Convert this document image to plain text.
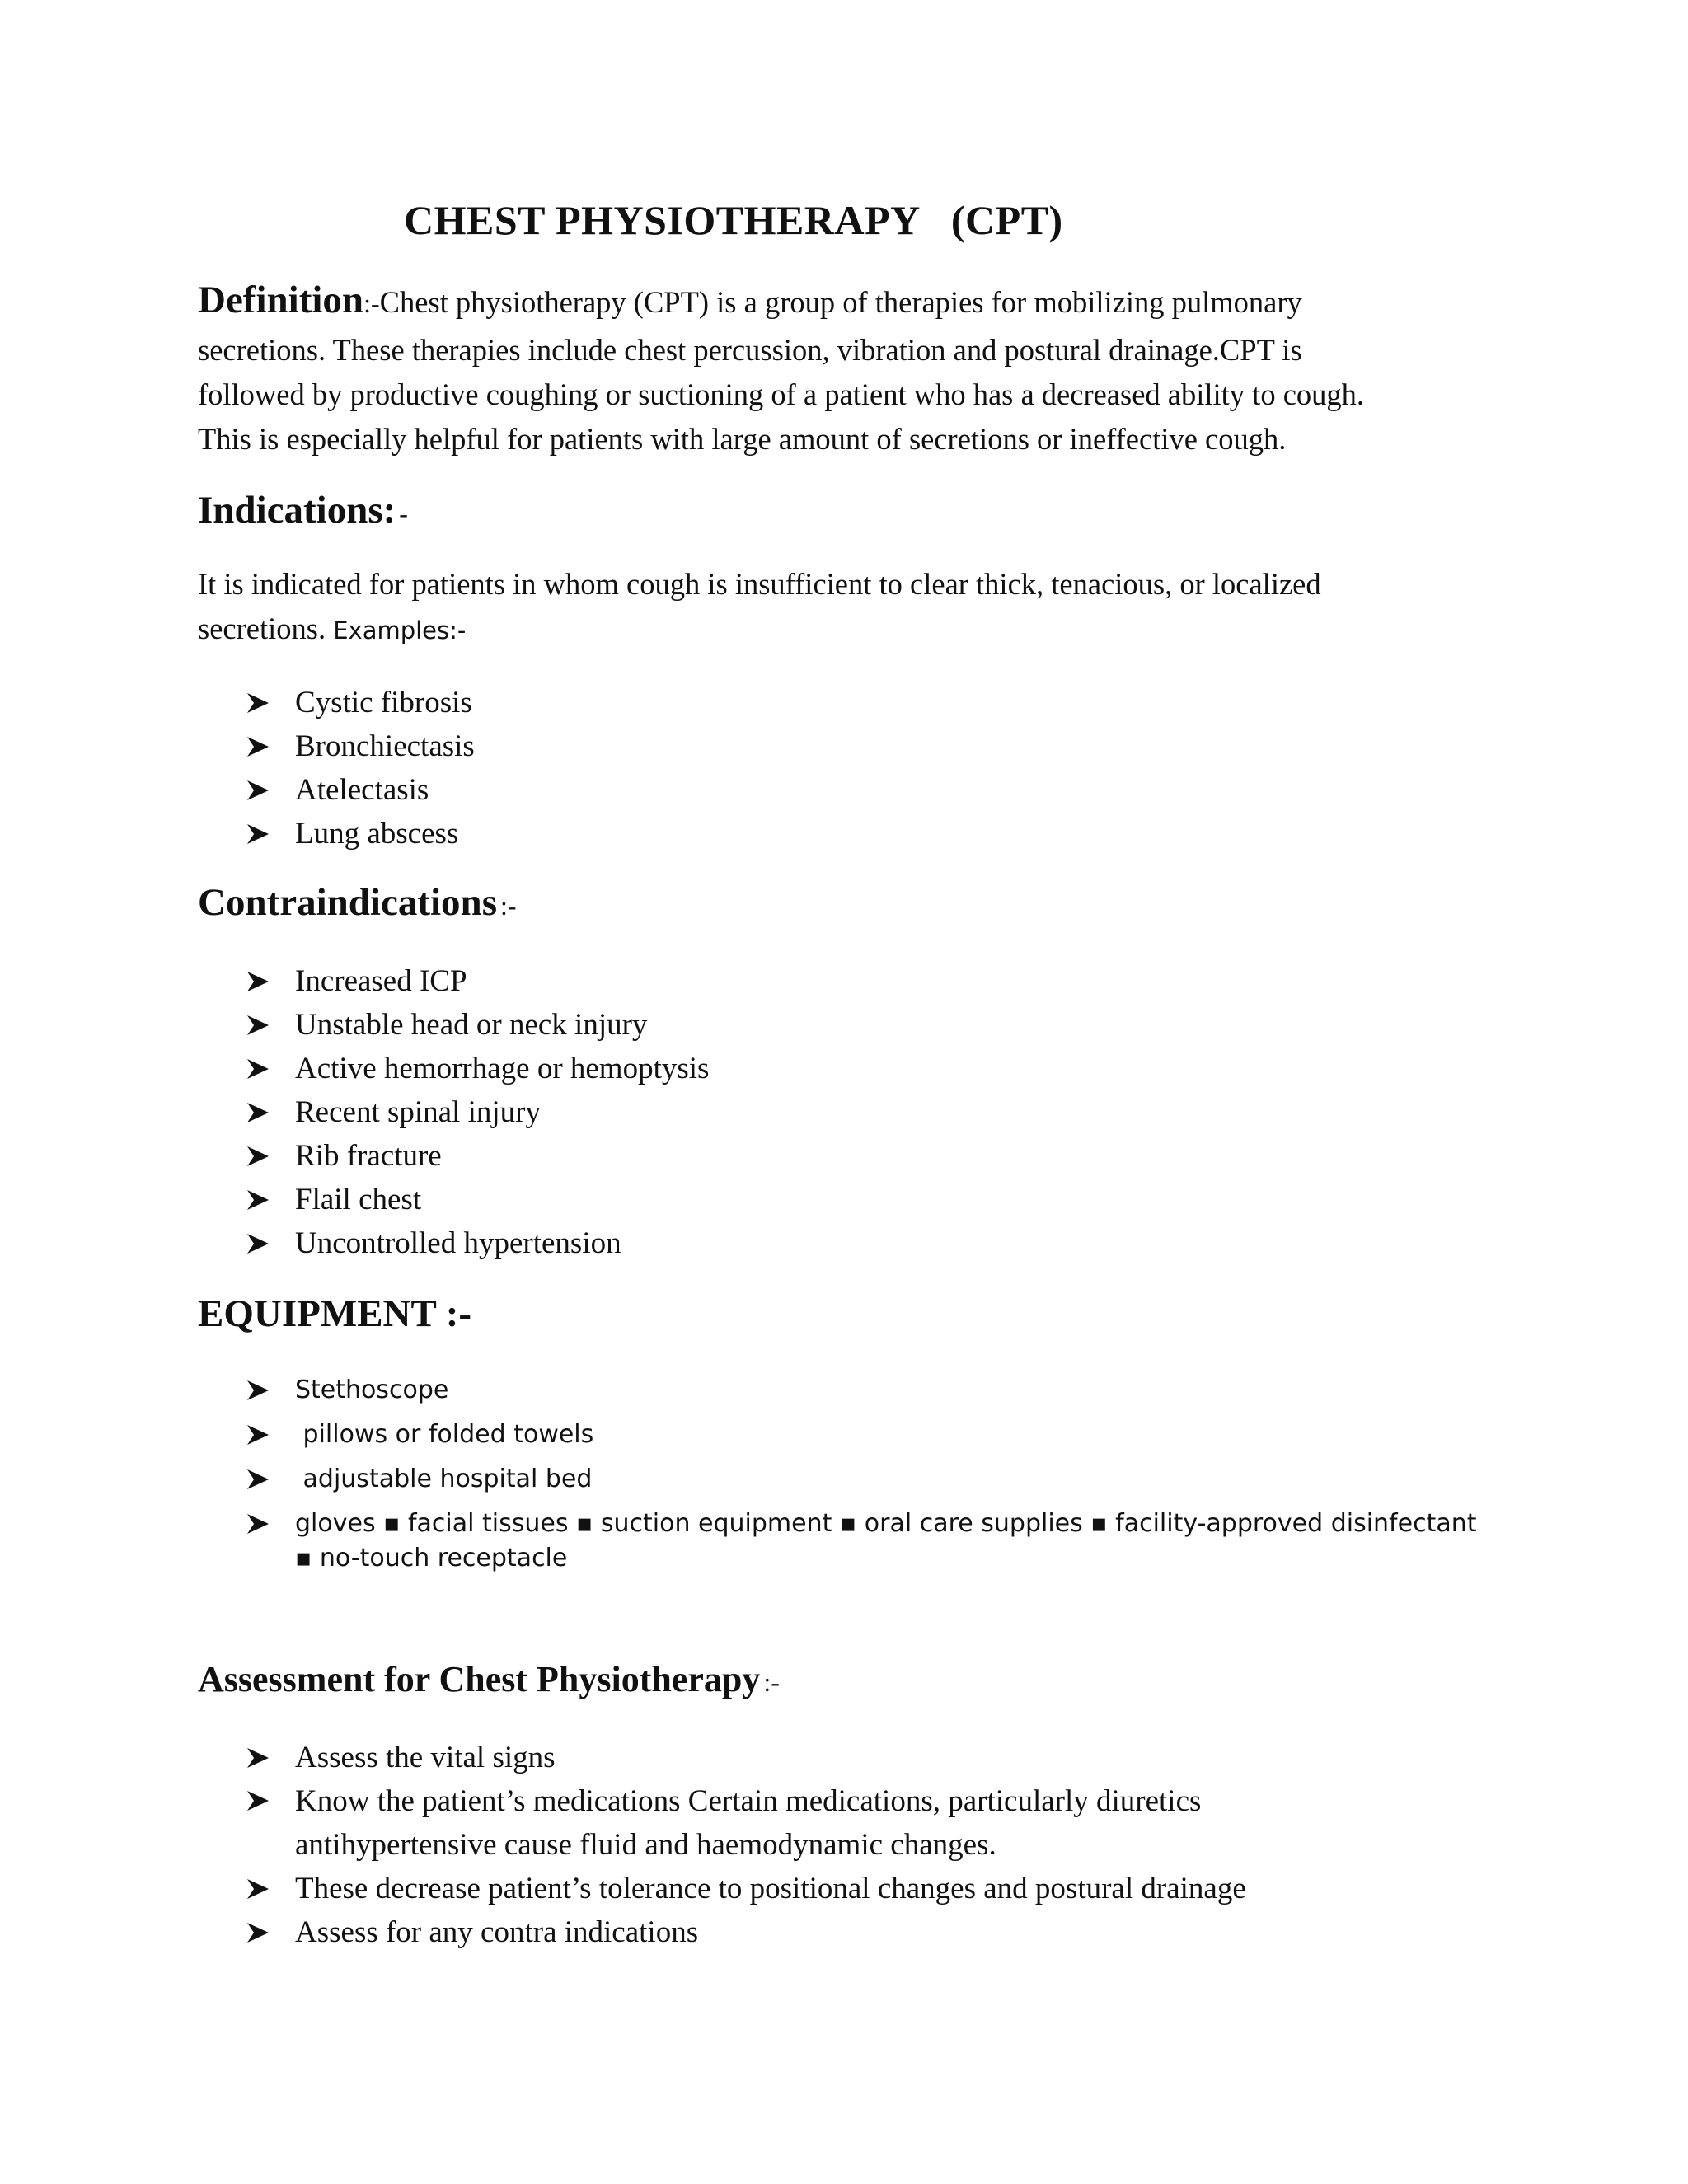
CHEST PHYSIOTHERAPY   (CPT)
Definition:-Chest physiotherapy (CPT) is a group of therapies for mobilizing pulmonary
secretions. These therapies include chest percussion, vibration and postural drainage.CPT is
followed by productive coughing or suctioning of a patient who has a decreased ability to cough.
This is especially helpful for patients with large amount of secretions or ineffective cough.
Indications: -
It is indicated for patients in whom cough is insufficient to clear thick, tenacious, or localized
secretions. Examples:-
Cystic fibrosis
Bronchiectasis
Atelectasis
Lung abscess
Contraindications :-
Increased ICP
Unstable head or neck injury
Active hemorrhage or hemoptysis
Recent spinal injury
Rib fracture
Flail chest
Uncontrolled hypertension
EQUIPMENT :-
Stethoscope
pillows or folded towels
adjustable hospital bed
gloves ▪ facial tissues ▪ suction equipment ▪ oral care supplies ▪ facility-approved disinfectant ▪ no-touch receptacle
Assessment for Chest Physiotherapy :-
Assess the vital signs
Know the patient’s medications Certain medications, particularly diuretics antihypertensive cause fluid and haemodynamic changes.
These decrease patient’s tolerance to positional changes and postural drainage
Assess for any contra indications
